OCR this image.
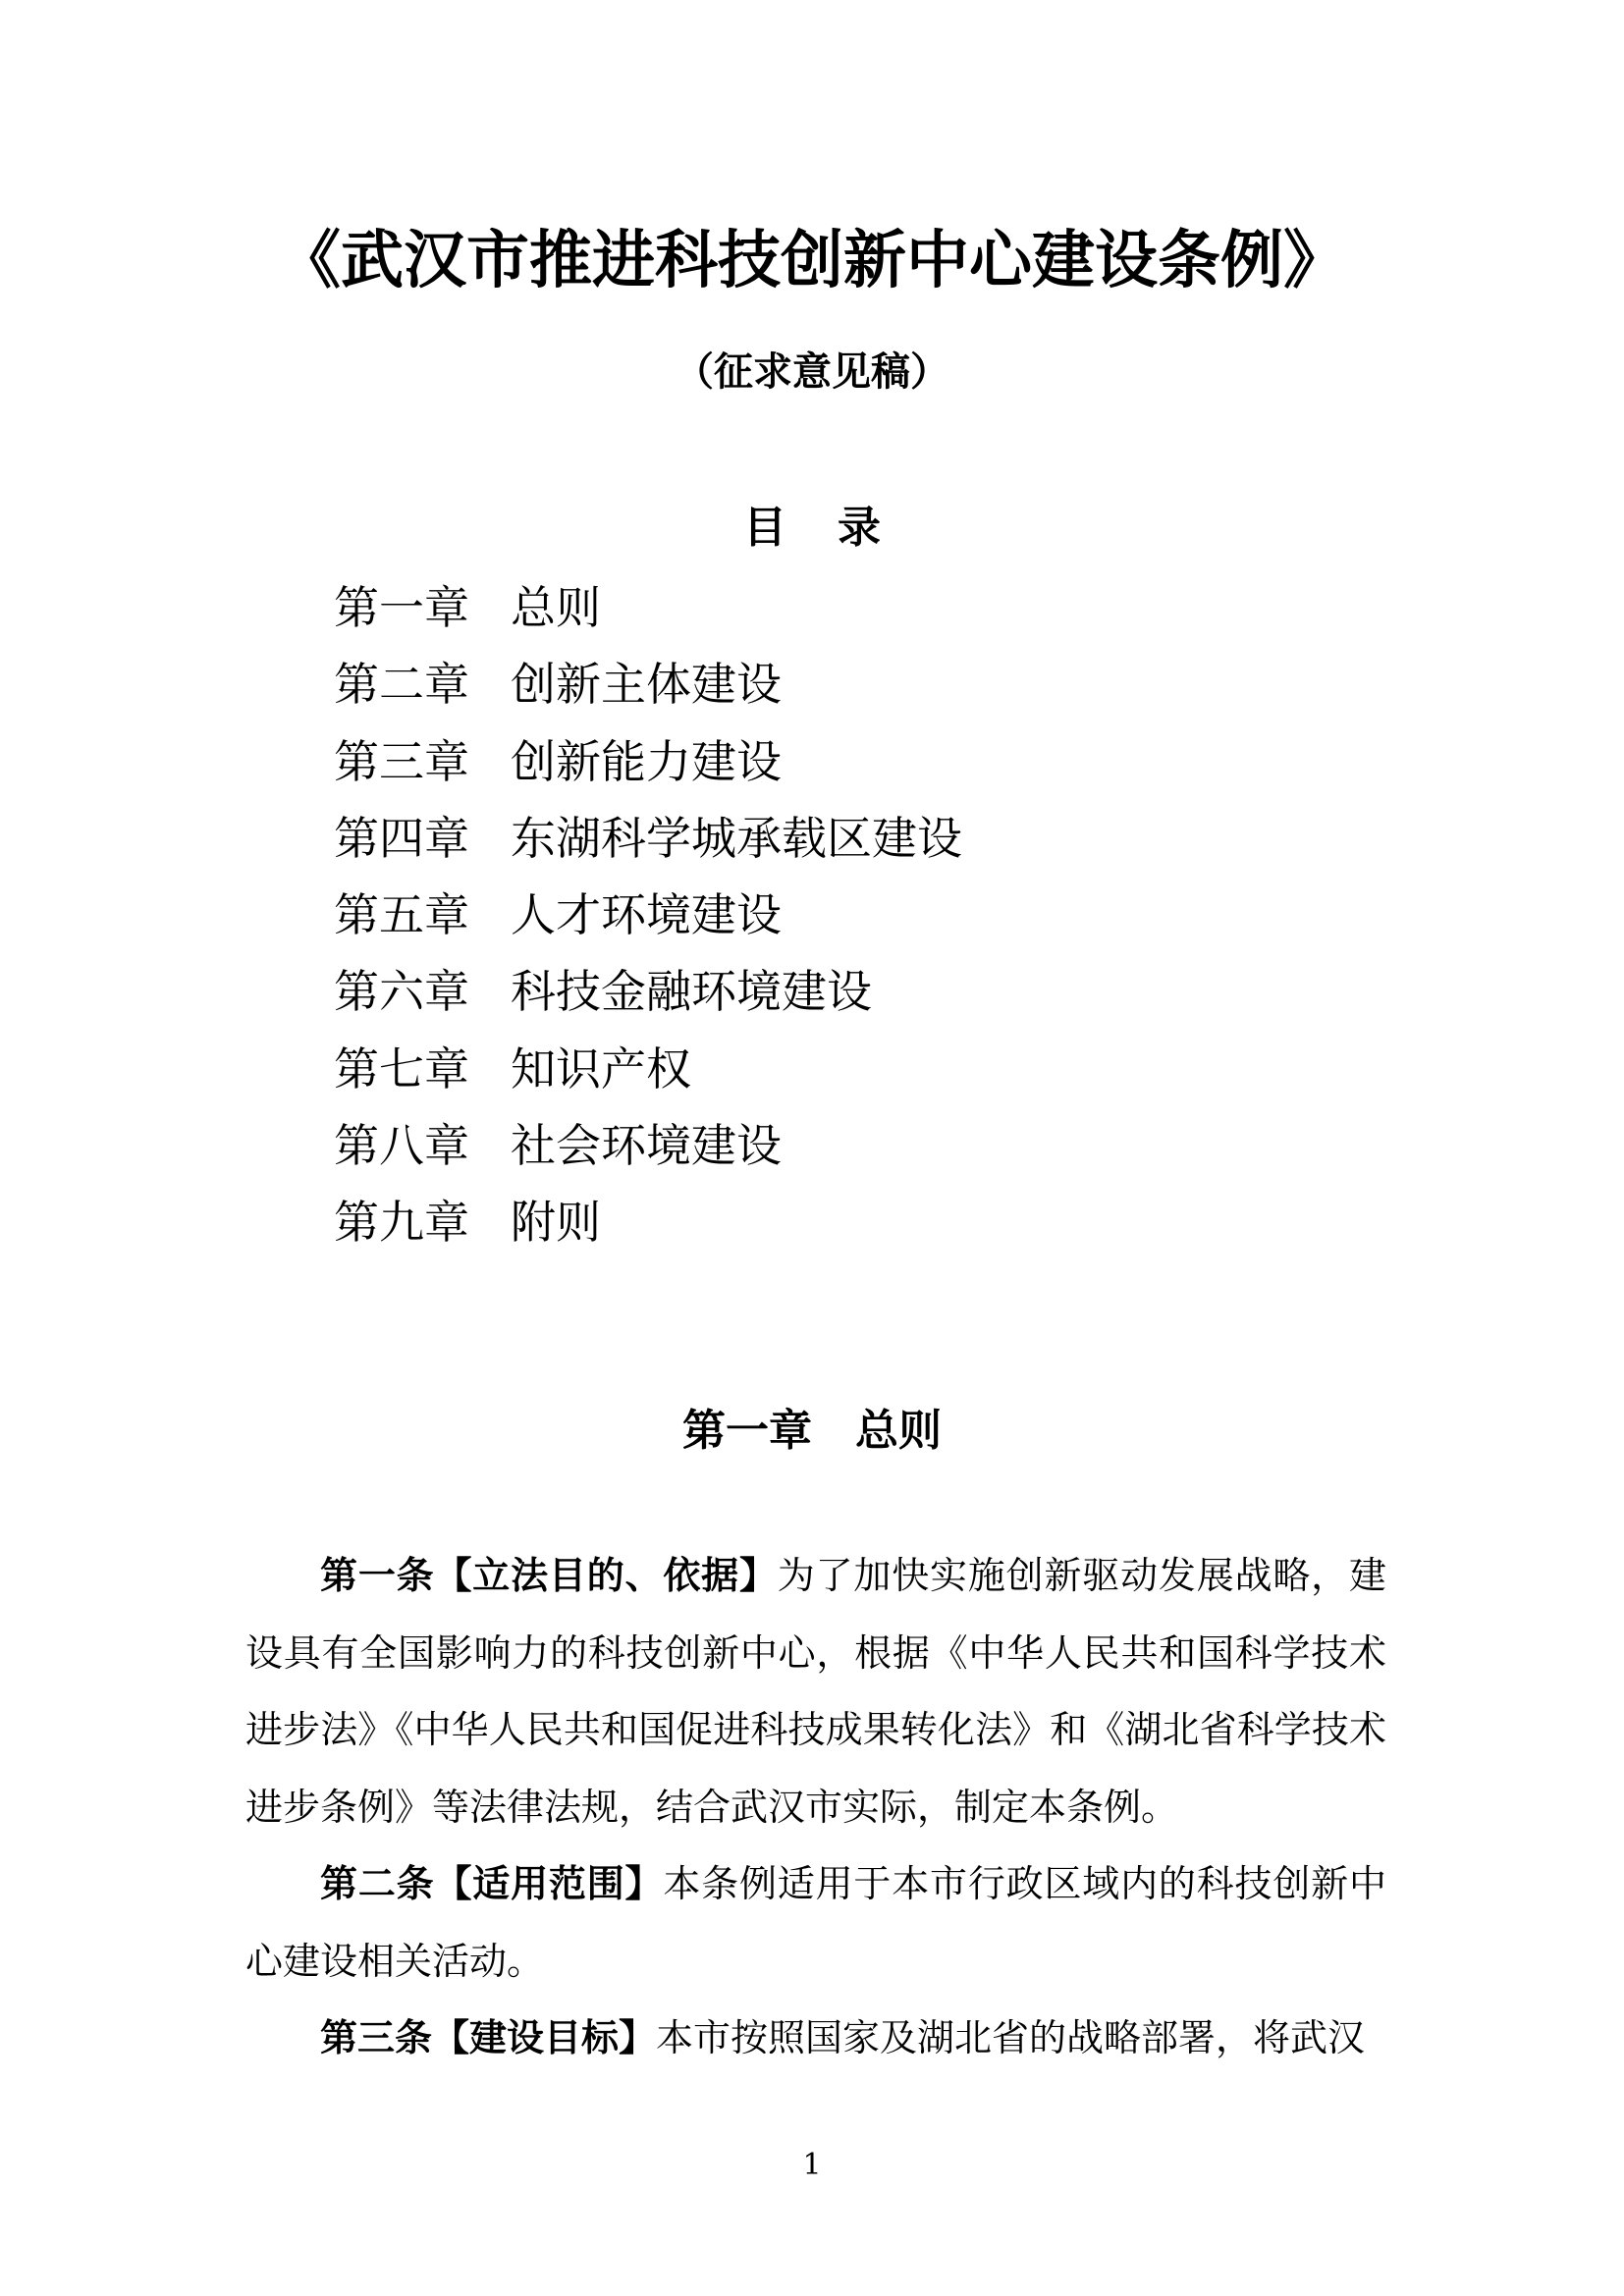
《武汉市推进科技创新中心建设条例》
（征求意见稿）
目 录
第一章 总则
第二章 创新主体建设
第三章 创新能力建设
第四章 东湖科学城承载区建设
第五章 人才环境建设
第六章 科技金融环境建设
第七章 知识产权
第八章 社会环境建设
第九章 附则
第一章 总则

第一条【立法目的、依据】为了加快实施创新驱动发展战略，建设具有全国影响力的科技创新中心，根据《中华人民共和国科学技术进步法》《中华人民共和国促进科技成果转化法》和《湖北省科学技术进步条例》等法律法规，结合武汉市实际，制定本条例。

第二条【适用范围】本条例适用于本市行政区域内的科技创新中心建设相关活动。

第三条【建设目标】本市按照国家及湖北省的战略部署，将武汉

1
